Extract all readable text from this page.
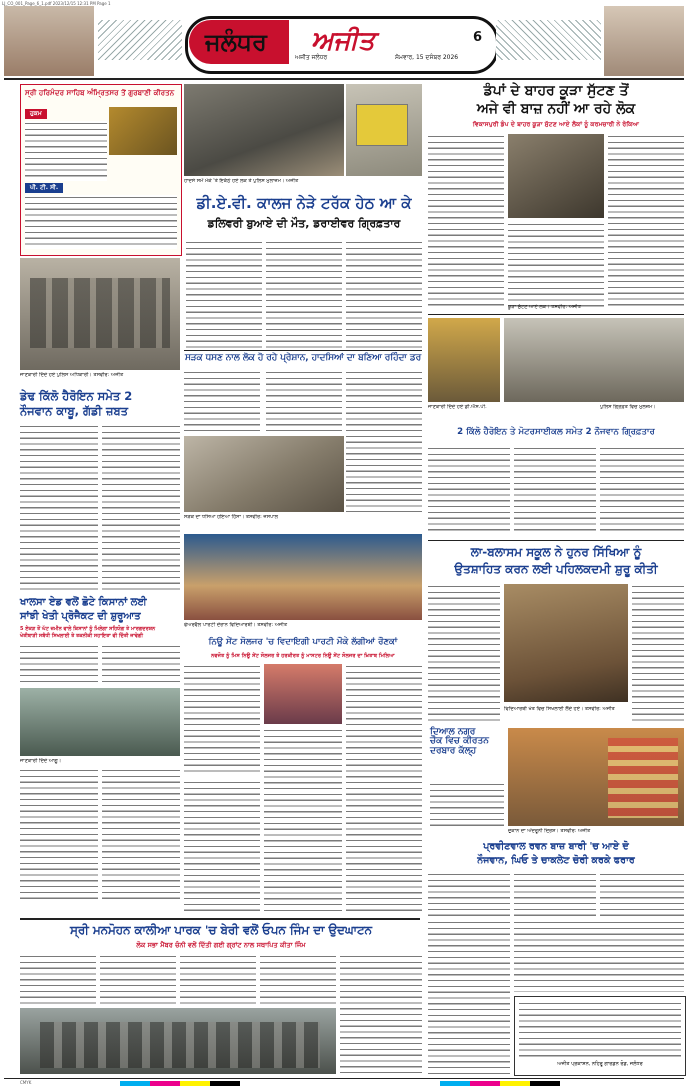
LJ_CO_001_Page_6_1.pdf 2023/12/15 12:31 PM Page 1
ਜਲੰਧਰ ਅਜੀਤ
ਅਜੀਤ ਜਲੰਧਰ	ਸੋਮਵਾਰ, 15 ਦਸੰਬਰ 2026
6
ਸ੍ਰੀ ਹਰਿਮੰਦਰ ਸਾਹਿਬ ਅੰਮ੍ਰਿਤਸਰ ਤੋਂ ਗੁਰਬਾਣੀ ਕੀਰਤਨ
ਹੁਕਮ
ਪੀ. ਟੀ. ਸੀ.
ਹਾਦਸੇ ਸਮੇਂ ਮੌਕੇ 'ਤੇ ਇਕੱਠੇ ਹੋਏ ਲੋਕ ਤੇ ਪੁਲਿਸ ਮੁਲਾਜ਼ਮ। ਅਜੀਤ
ਡੀ.ਏ.ਵੀ. ਕਾਲਜ ਨੇੜੇ ਟਰੱਕ ਹੇਠ ਆ ਕੇ
ਡਲਿਵਰੀ ਬੁਆਏ ਦੀ ਮੌਤ, ਡਰਾਈਵਰ ਗ੍ਰਿਫ਼ਤਾਰ
ਜਾਣਕਾਰੀ ਦਿੰਦੇ ਹੋਏ ਪੁਲਿਸ ਅਧਿਕਾਰੀ। ਤਸਵੀਰ: ਅਜੀਤ
ਸੜਕ ਧਸਣ ਨਾਲ ਲੋਕ ਹੋ ਰਹੇ ਪ੍ਰੇਸ਼ਾਨ, ਹਾਦਸਿਆਂ ਦਾ ਬਣਿਆ ਰਹਿੰਦਾ ਡਰ
ਸੜਕ ਦਾ ਧਸਿਆ ਹੋਇਆ ਹਿੱਸਾ। ਤਸਵੀਰ: ਜਸਪਾਲ
ਡੇਢ ਕਿੱਲੋ ਹੈਰੋਇਨ ਸਮੇਤ 2
ਨੌਜਵਾਨ ਕਾਬੂ, ਗੱਡੀ ਜ਼ਬਤ
ਡੰਪਾਂ ਦੇ ਬਾਹਰ ਕੂੜਾ ਸੁੱਟਣ ਤੋਂ
ਅਜੇ ਵੀ ਬਾਜ਼ ਨਹੀਂ ਆ ਰਹੇ ਲੋਕ
ਵਿਕਾਸਪੁਰੀ ਡੰਪ ਦੇ ਬਾਹਰ ਕੂੜਾ ਸੁੱਟਣ ਆਏ ਲੋਕਾਂ ਨੂੰ ਕਰਮਚਾਰੀ ਨੇ ਰੋਕਿਆ
ਕੂੜਾ ਸੁੱਟਣ ਆਏ ਲੋਕ। ਤਸਵੀਰ: ਅਜੀਤ
ਜਾਣਕਾਰੀ ਦਿੰਦੇ ਹੋਏ ਡੀ.ਐਸ.ਪੀ.	ਪੁਲਿਸ ਗ੍ਰਿਫ਼ਤ ਵਿਚ ਮੁਲਜ਼ਮ।
2 ਕਿੱਲੋ ਹੈਰੋਇਨ ਤੇ ਮੋਟਰਸਾਈਕਲ ਸਮੇਤ 2 ਨੌਜਵਾਨ ਗ੍ਰਿਫ਼ਤਾਰ
ਫੇਅਰਵੈਲ ਪਾਰਟੀ ਦੌਰਾਨ ਵਿਦਿਆਰਥੀ। ਤਸਵੀਰ: ਅਜੀਤ
ਖਾਲਸਾ ਏਡ ਵਲੋਂ ਛੋਟੇ ਕਿਸਾਨਾਂ ਲਈ
ਸਾਂਝੀ ਖੇਤੀ ਪ੍ਰੋਜੈਕਟ ਦੀ ਸ਼ੁਰੂਆਤ
5 ਏਕੜ ਤੋਂ ਘੱਟ ਜ਼ਮੀਨ ਵਾਲੇ ਕਿਸਾਨਾਂ ਨੂੰ ਮਿਲੇਗਾ ਸਹਿਯੋਗ ਤੇ ਮਾਰਗਦਰਸ਼ਨ
ਖੇਤੀਬਾੜੀ ਸਬੰਧੀ ਸਿਖਲਾਈ ਤੇ ਤਕਨੀਕੀ ਸਹਾਇਤਾ ਵੀ ਦਿੱਤੀ ਜਾਵੇਗੀ
ਜਾਣਕਾਰੀ ਦਿੰਦੇ ਆਗੂ।
ਨਿਊ ਸੇਂਟ ਸੋਲਜਰ 'ਚ ਵਿਦਾਇਗੀ ਪਾਰਟੀ ਮੌਕੇ ਲੱਗੀਆਂ ਰੌਣਕਾਂ
ਨਵਜੋਤ ਨੂੰ ਮਿਸ ਨਿਊ ਸੇਂਟ ਸੋਲਜਰ ਤੇ ਹਰਕੀਰਤ ਨੂੰ ਮਾਸਟਰ ਨਿਊ ਸੇਂਟ ਸੋਲਜਰ ਦਾ ਖ਼ਿਤਾਬ ਮਿਲਿਆ
ਲਾ-ਬਲਾਸਮ ਸਕੂਲ ਨੇ ਹੁਨਰ ਸਿੱਖਿਆ ਨੂੰ
ਉਤਸ਼ਾਹਿਤ ਕਰਨ ਲਈ ਪਹਿਲਕਦਮੀ ਸ਼ੁਰੂ ਕੀਤੀ
ਵਿਦਿਆਰਥੀ ਖੇਤ ਵਿਚ ਸਿਖਲਾਈ ਲੈਂਦੇ ਹੋਏ। ਤਸਵੀਰ: ਅਜੀਤ
ਦਿਆਲ ਨਗਰ
ਚੌਕ ਵਿਚ ਕੀਰਤਨ
ਦਰਬਾਰ ਕੱਲ੍ਹ
ਦੁਕਾਨ ਦਾ ਅੰਦਰੂਨੀ ਦ੍ਰਿਸ਼। ਤਸਵੀਰ: ਅਜੀਤ
ਪ੍ਰਵੀਣਵਾਲ ਰਵਨ ਬਾਜ਼ ਬਾਰੀ 'ਚ ਆਏ ਦੋ
ਨੌਜਵਾਨ, ਘਿਓ ਤੇ ਚਾਕਲੇਟ ਚੋਰੀ ਕਰਕੇ ਫਰਾਰ
ਸ੍ਰੀ ਮਨਮੋਹਨ ਕਾਲੀਆ ਪਾਰਕ 'ਚ ਬੇਰੀ ਵਲੋਂ ਓਪਨ ਜਿੰਮ ਦਾ ਉਦਘਾਟਨ
ਲੋਕ ਸਭਾ ਮੈਂਬਰ ਚੰਨੀ ਵਲੋਂ ਦਿੱਤੀ ਗਈ ਗ੍ਰਾਂਟ ਨਾਲ ਸਥਾਪਿਤ ਕੀਤਾ ਜਿੰਮ
ਅਜੀਤ ਪ੍ਰਕਾਸ਼ਨ, ਨਹਿਰੂ ਗਾਰਡਨ ਰੋਡ, ਜਲੰਧਰ
CMYK
